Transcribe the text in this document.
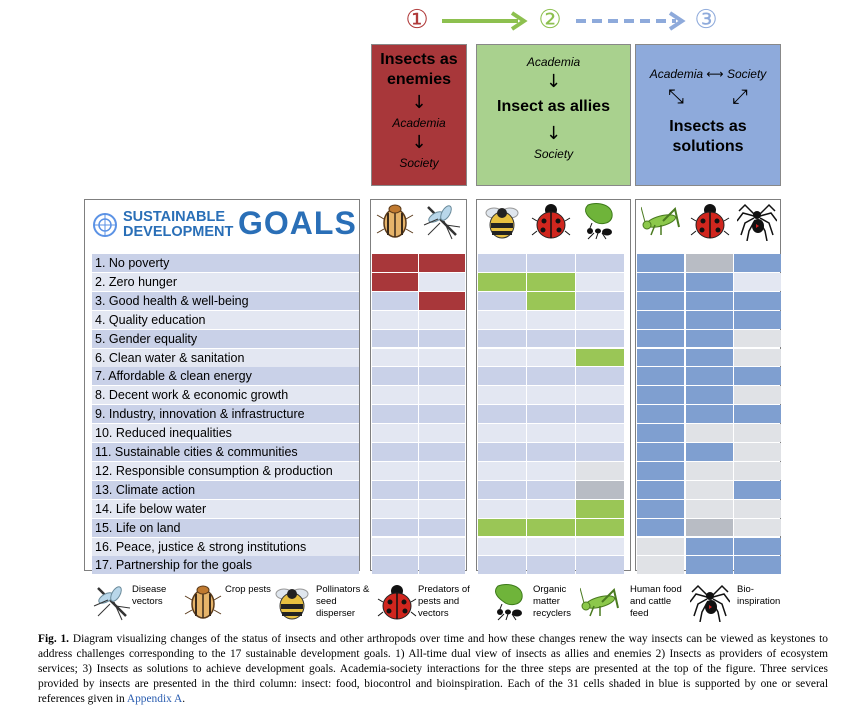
①	②	③
Insects as enemies
↓
Academia
↓
Society
Academia
↓
Insect as allies
↓
Society
Academia ⟷ Society
⤡ ⤢
Insects as
solutions
SUSTAINABLE
DEVELOPMENT GOALS
1. No poverty
2. Zero hunger
3. Good health & well-being
4. Quality education
5. Gender equality
6. Clean water & sanitation
7. Affordable & clean energy
8. Decent work & economic growth
9. Industry, innovation & infrastructure
10. Reduced inequalities
11. Sustainable cities & communities
12. Responsible consumption & production
13. Climate action
14. Life below water
15. Life on land
16. Peace, justice & strong institutions
17. Partnership for the goals
Disease vectors
Crop pests	Pollinators & seed disperser
Predators of pests and vectors
Organic matter recyclers
Human food and cattle feed
Bio-inspiration
Fig. 1. Diagram visualizing changes of the status of insects and other arthropods over time and how these changes renew the way insects can be viewed as keystones to address challenges corresponding to the 17 sustainable development goals. 1) All-time dual view of insects as allies and enemies 2) Insects as providers of ecosystem services; 3) Insects as solutions to achieve development goals. Academia-society interactions for the three steps are presented at the top of the figure. Three services provided by insects are presented in the third column: insect: food, biocontrol and bioinspiration. Each of the 31 cells shaded in blue is supported by one or several references given in Appendix A.
